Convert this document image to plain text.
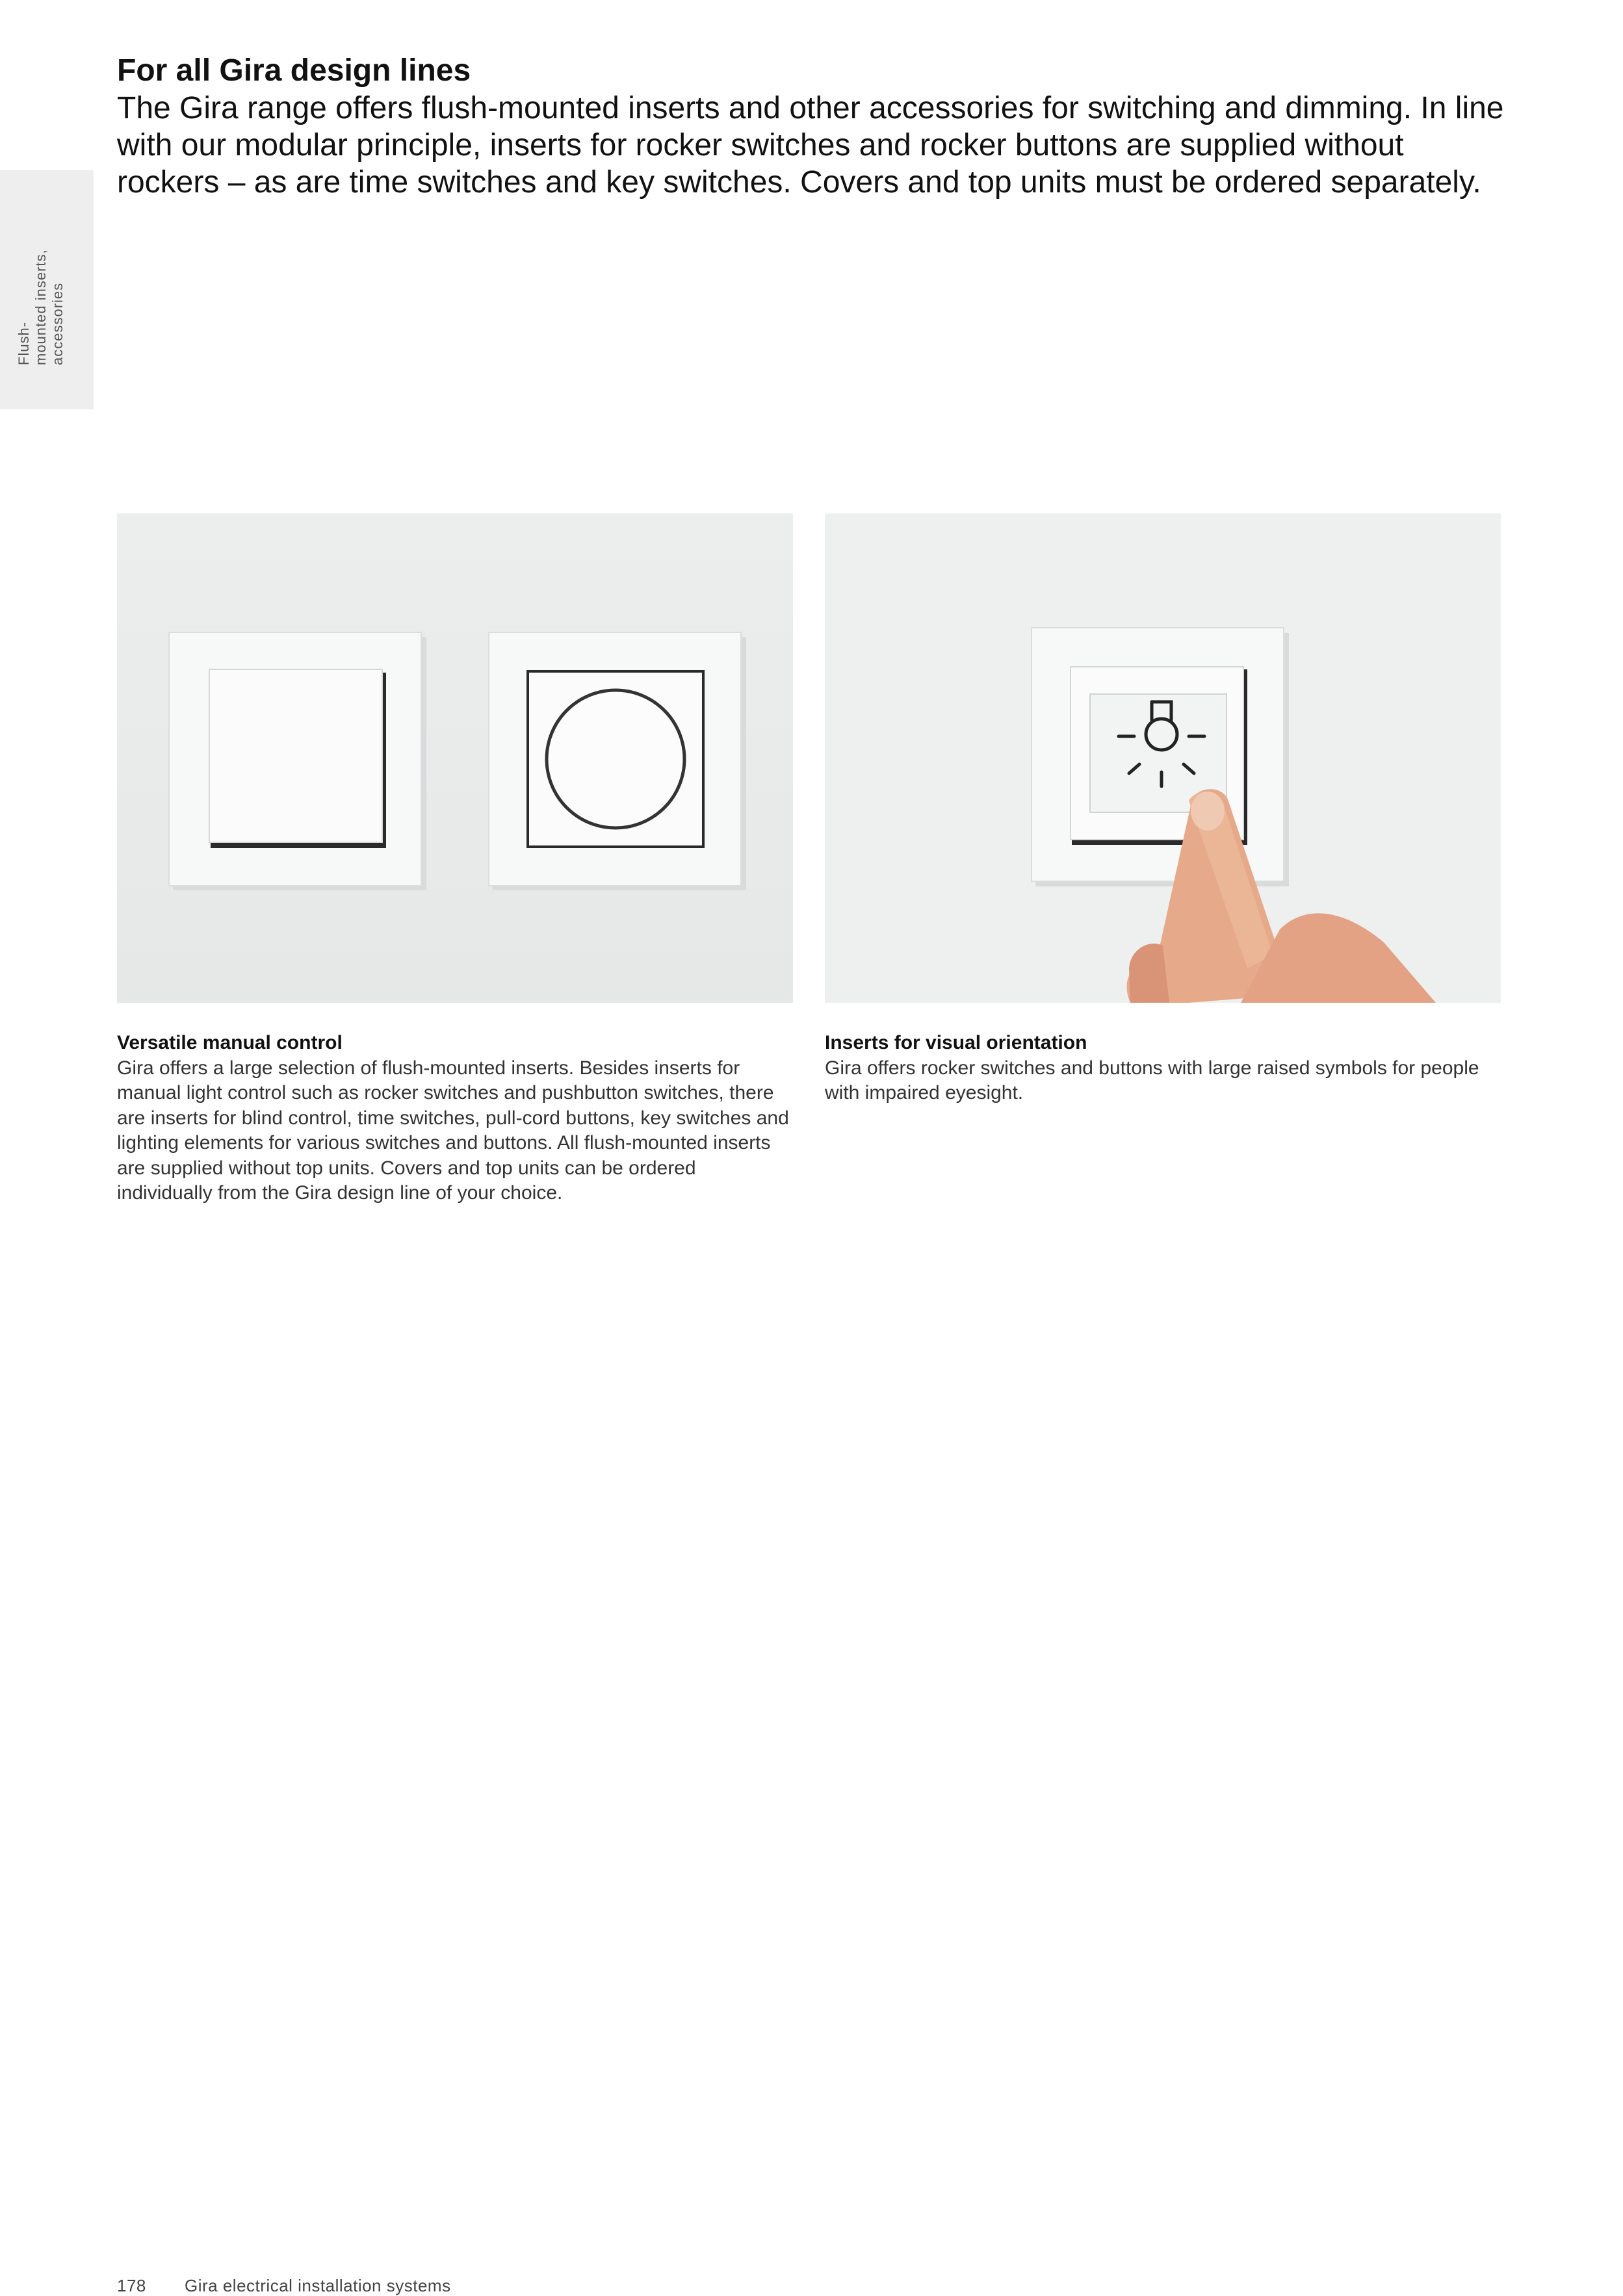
Flush-
mounted inserts,
accessories
For all Gira design lines

The Gira range offers flush-mounted inserts and other accessories for switching and dimming. In line with our modular principle, inserts for rocker switches and rocker buttons are supplied without rockers – as are time switches and key switches. Covers and top units must be ordered separately.

Versatile manual control

Gira offers a large selection of flush-mounted inserts. Besides inserts for manual light control such as rocker switches and pushbutton switches, there are inserts for blind control, time switches, pull-cord buttons, key switches and lighting elements for various switches and buttons. All flush-mounted inserts are supplied without top units. Covers and top units can be ordered individually from the Gira design line of your choice.

Inserts for visual orientation

Gira offers rocker switches and buttons with large raised symbols for people with impaired eyesight.

178 Gira electrical installation systems
